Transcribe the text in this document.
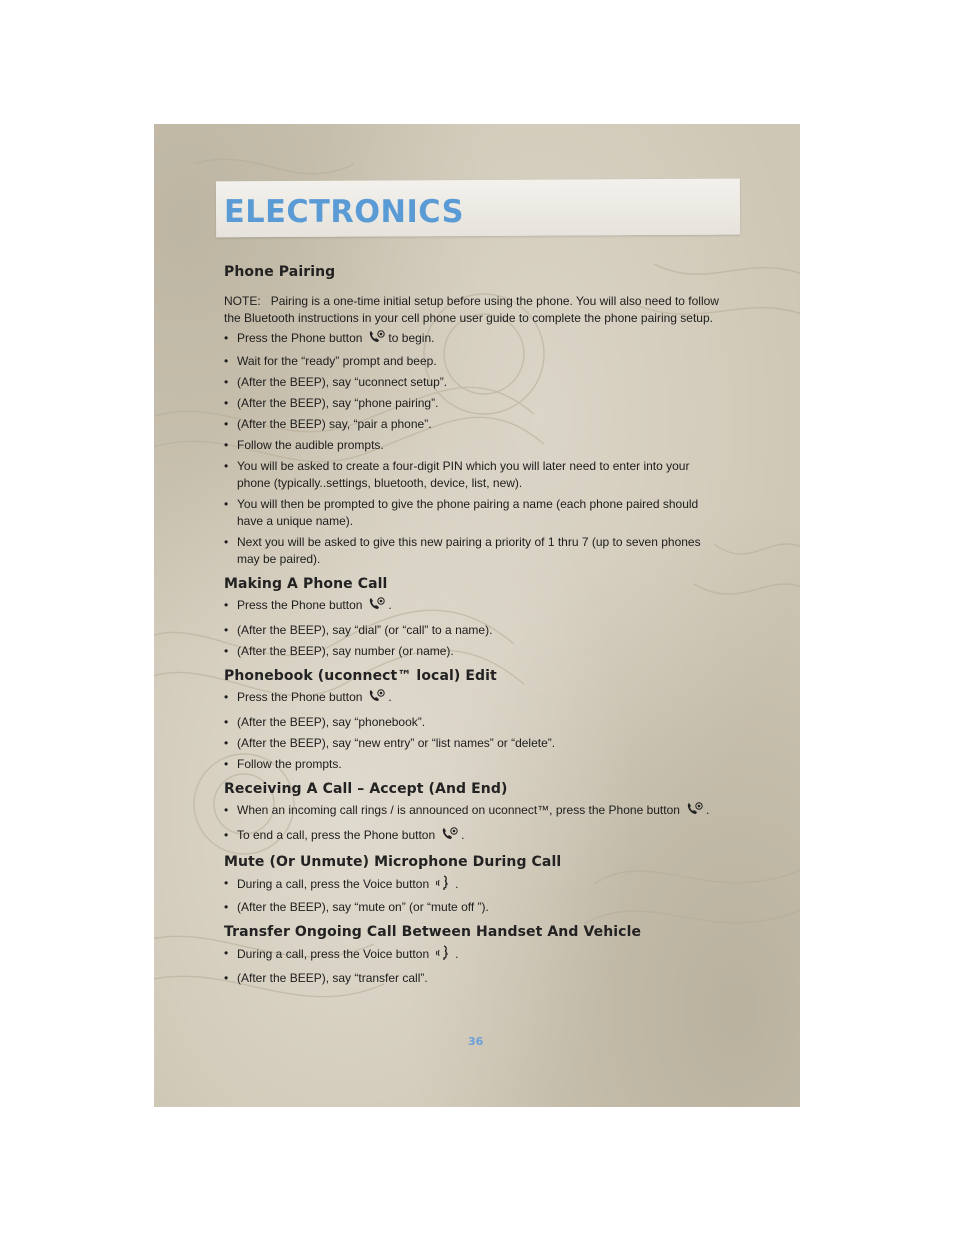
ELECTRONICS
Phone Pairing

NOTE: Pairing is a one-time initial setup before using the phone. You will also need to follow the Bluetooth instructions in your cell phone user guide to complete the phone pairing setup.

• Press the Phone button to begin.
• Wait for the “ready” prompt and beep.
• (After the BEEP), say “uconnect setup”.
• (After the BEEP), say “phone pairing”.
• (After the BEEP) say, “pair a phone”.
• Follow the audible prompts.
• You will be asked to create a four-digit PIN which you will later need to enter into your phone (typically..settings, bluetooth, device, list, new).
• You will then be prompted to give the phone pairing a name (each phone paired should have a unique name).
• Next you will be asked to give this new pairing a priority of 1 thru 7 (up to seven phones may be paired).
Making A Phone Call
• Press the Phone button .
• (After the BEEP), say “dial” (or “call” to a name).
• (After the BEEP), say number (or name).
Phonebook (uconnect™ local) Edit
• Press the Phone button .
• (After the BEEP), say “phonebook”.
• (After the BEEP), say “new entry” or “list names” or “delete”.
• Follow the prompts.
Receiving A Call – Accept (And End)
• When an incoming call rings / is announced on uconnect™, press the Phone button .
• To end a call, press the Phone button .
Mute (Or Unmute) Microphone During Call
• During a call, press the Voice button .
• (After the BEEP), say “mute on” (or “mute off ”).
Transfer Ongoing Call Between Handset And Vehicle
• During a call, press the Voice button .
• (After the BEEP), say “transfer call”.
36
